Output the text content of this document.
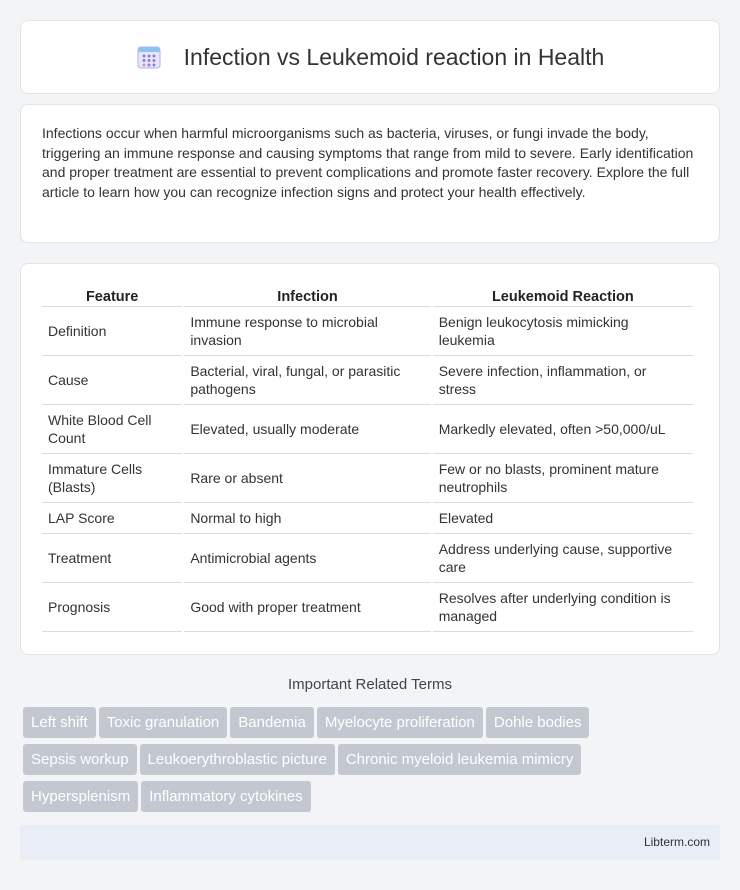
Infection vs Leukemoid reaction in Health

Infections occur when harmful microorganisms such as bacteria, viruses, or fungi invade the body, triggering an immune response and causing symptoms that range from mild to severe. Early identification and proper treatment are essential to prevent complications and promote faster recovery. Explore the full article to learn how you can recognize infection signs and protect your health effectively.

Feature	Infection	Leukemoid Reaction
Definition	Immune response to microbial invasion	Benign leukocytosis mimicking leukemia
Cause	Bacterial, viral, fungal, or parasitic pathogens	Severe infection, inflammation, or stress
White Blood Cell Count	Elevated, usually moderate	Markedly elevated, often >50,000/uL
Immature Cells (Blasts)	Rare or absent	Few or no blasts, prominent mature neutrophils
LAP Score	Normal to high	Elevated
Treatment	Antimicrobial agents	Address underlying cause, supportive care
Prognosis	Good with proper treatment	Resolves after underlying condition is managed
Important Related Terms
Left shift Toxic granulation Bandemia Myelocyte proliferation Dohle bodies
Sepsis workup Leukoerythroblastic picture Chronic myeloid leukemia mimicry
Hypersplenism Inflammatory cytokines
Libterm.com
